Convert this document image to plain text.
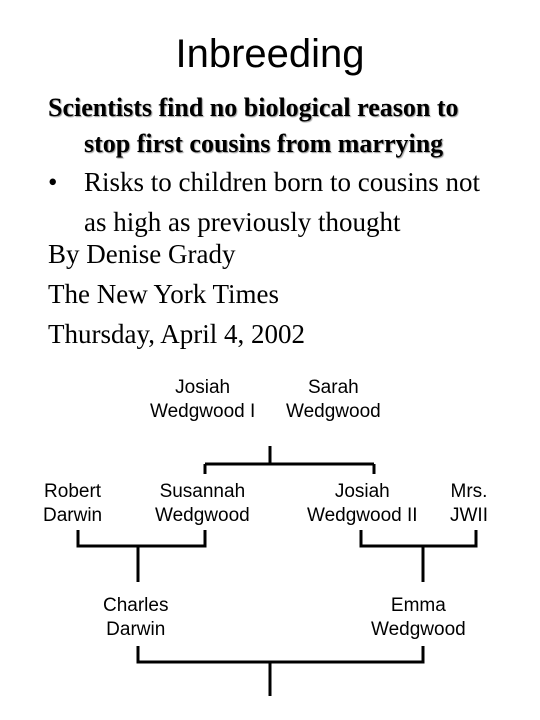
Inbreeding
Scientists find no biological reason to
stop first cousins from marrying
• Risks to children born to cousins not
as high as previously thought
By Denise Grady
The New York Times
Thursday, April 4, 2002
Josiah
Wedgwood I
Sarah
Wedgwood
Robert
Darwin
Susannah
Wedgwood
Josiah
Wedgwood II
Mrs.
JWII
Charles
Darwin
Emma
Wedgwood
